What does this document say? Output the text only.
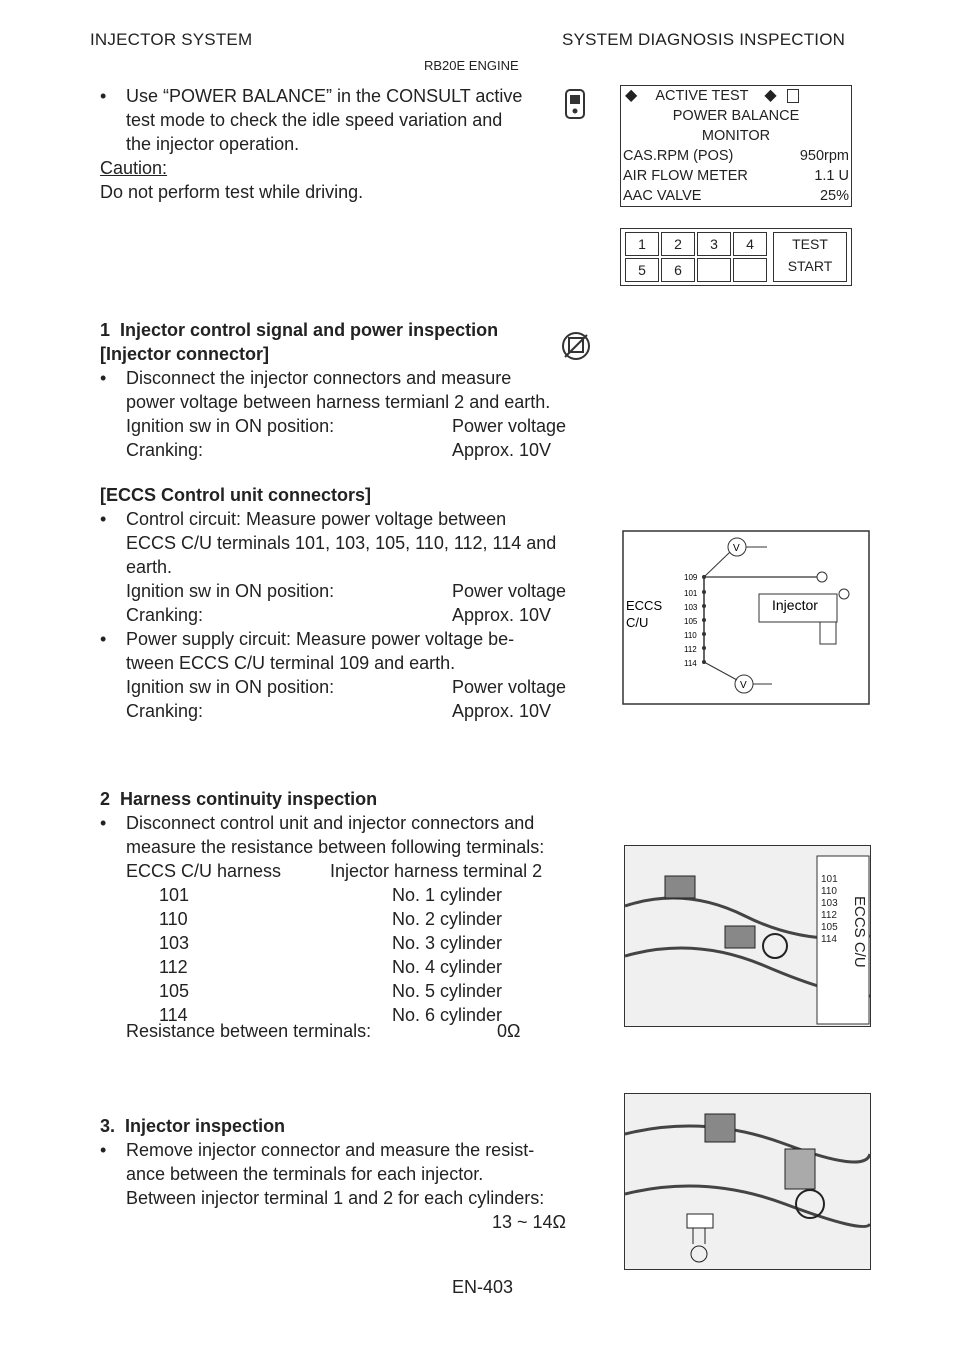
INJECTOR SYSTEM	SYSTEM DIAGNOSIS INSPECTION
RB20E ENGINE
• Use “POWER BALANCE” in the CONSULT active
test mode to check the idle speed variation and
the injector operation.
Caution:
Do not perform test while driving.
◆ ACTIVE TEST ◆
POWER BALANCE
MONITOR
CAS.RPM (POS)	950rpm
AIR FLOW METER	1.1 U
AAC VALVE	25%
1	2	3	4
5	6
TEST
START
1 Injector control signal and power inspection
[Injector connector]
• Disconnect the injector connectors and measure
power voltage between harness termianl 2 and earth.
Ignition sw in ON position:	Power voltage
Cranking:	Approx. 10V
[ECCS Control unit connectors]
• Control circuit: Measure power voltage between
ECCS C/U terminals 101, 103, 105, 110, 112, 114 and
earth.
Ignition sw in ON position:	Power voltage
Cranking:	Approx. 10V
• Power supply circuit: Measure power voltage be-
tween ECCS C/U terminal 109 and earth.
Ignition sw in ON position:	Power voltage
Cranking:	Approx. 10V
ECCS
C/U
109
101
103
105
110
112
114
V
Injector
V
2 Harness continuity inspection
• Disconnect control unit and injector connectors and
measure the resistance between following terminals:
ECCS C/U harness	Injector harness terminal 2
101	No. 1 cylinder
110	No. 2 cylinder
103	No. 3 cylinder
112	No. 4 cylinder
105	No. 5 cylinder
114	No. 6 cylinder
Resistance between terminals:	0Ω
101
110
103
112
105
114 ECCS C/U
3. Injector inspection
• Remove injector connector and measure the resist-
ance between the terminals for each injector.
Between injector terminal 1 and 2 for each cylinders:
13 ~ 14Ω
EN-403
